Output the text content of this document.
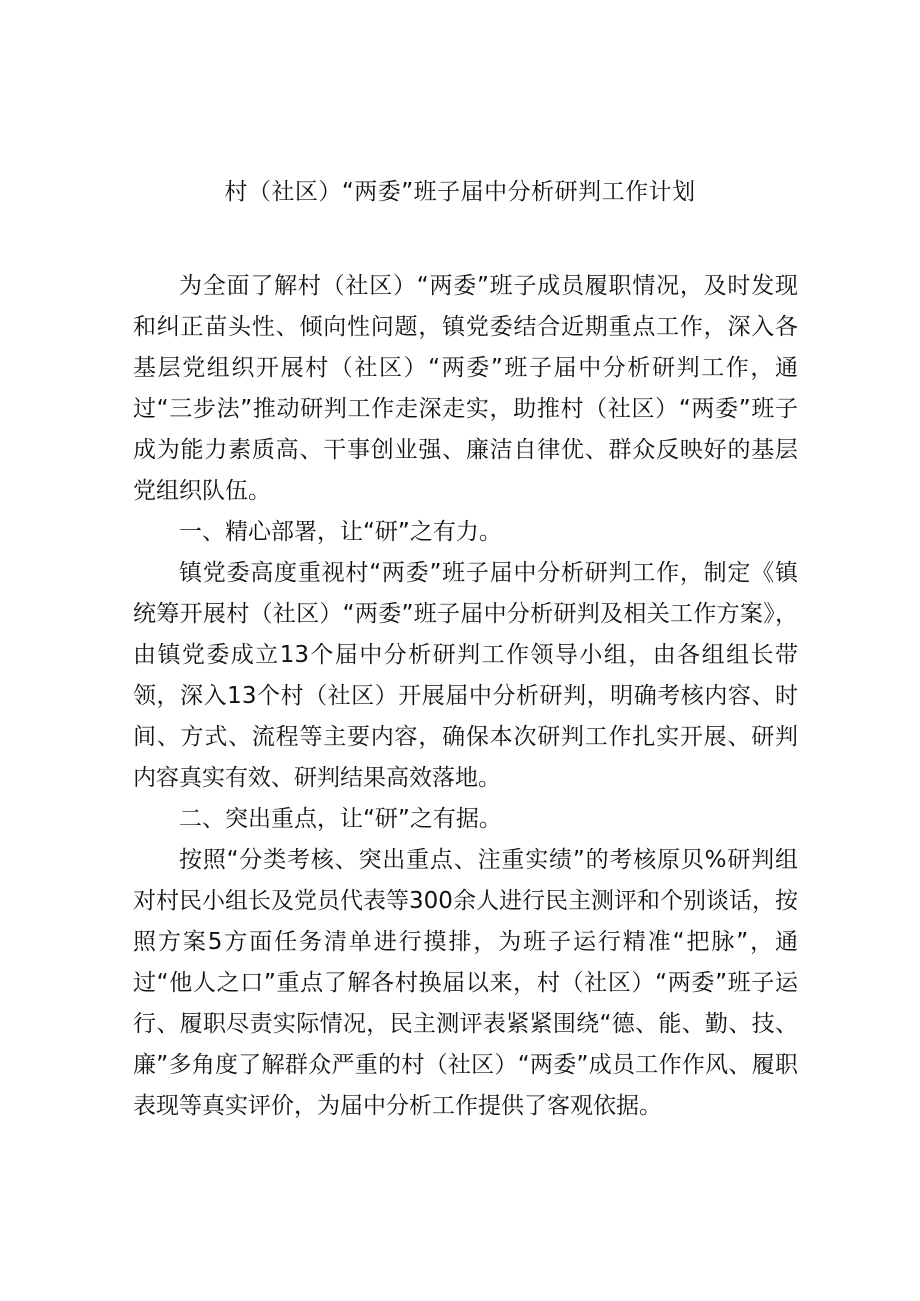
村（社区）“两委”班子届中分析研判工作计划

为全面了解村（社区）“两委”班子成员履职情况，及时发现和纠正苗头性、倾向性问题，镇党委结合近期重点工作，深入各基层党组织开展村（社区）“两委”班子届中分析研判工作，通过“三步法”推动研判工作走深走实，助推村（社区）“两委”班子成为能力素质高、干事创业强、廉洁自律优、群众反映好的基层党组织队伍。

一、精心部署，让“研”之有力。

镇党委高度重视村“两委”班子届中分析研判工作，制定《镇统筹开展村（社区）“两委”班子届中分析研判及相关工作方案》，由镇党委成立13个届中分析研判工作领导小组，由各组组长带领，深入13个村（社区）开展届中分析研判，明确考核内容、时间、方式、流程等主要内容，确保本次研判工作扎实开展、研判内容真实有效、研判结果高效落地。

二、突出重点，让“研”之有据。

按照“分类考核、突出重点、注重实绩”的考核原贝%研判组对村民小组长及党员代表等300余人进行民主测评和个别谈话，按照方案5方面任务清单进行摸排，为班子运行精准“把脉”，通过“他人之口”重点了解各村换届以来，村（社区）“两委”班子运行、履职尽责实际情况，民主测评表紧紧围绕“德、能、勤、技、廉”多角度了解群众严重的村（社区）“两委”成员工作作风、履职表现等真实评价，为届中分析工作提供了客观依据。
